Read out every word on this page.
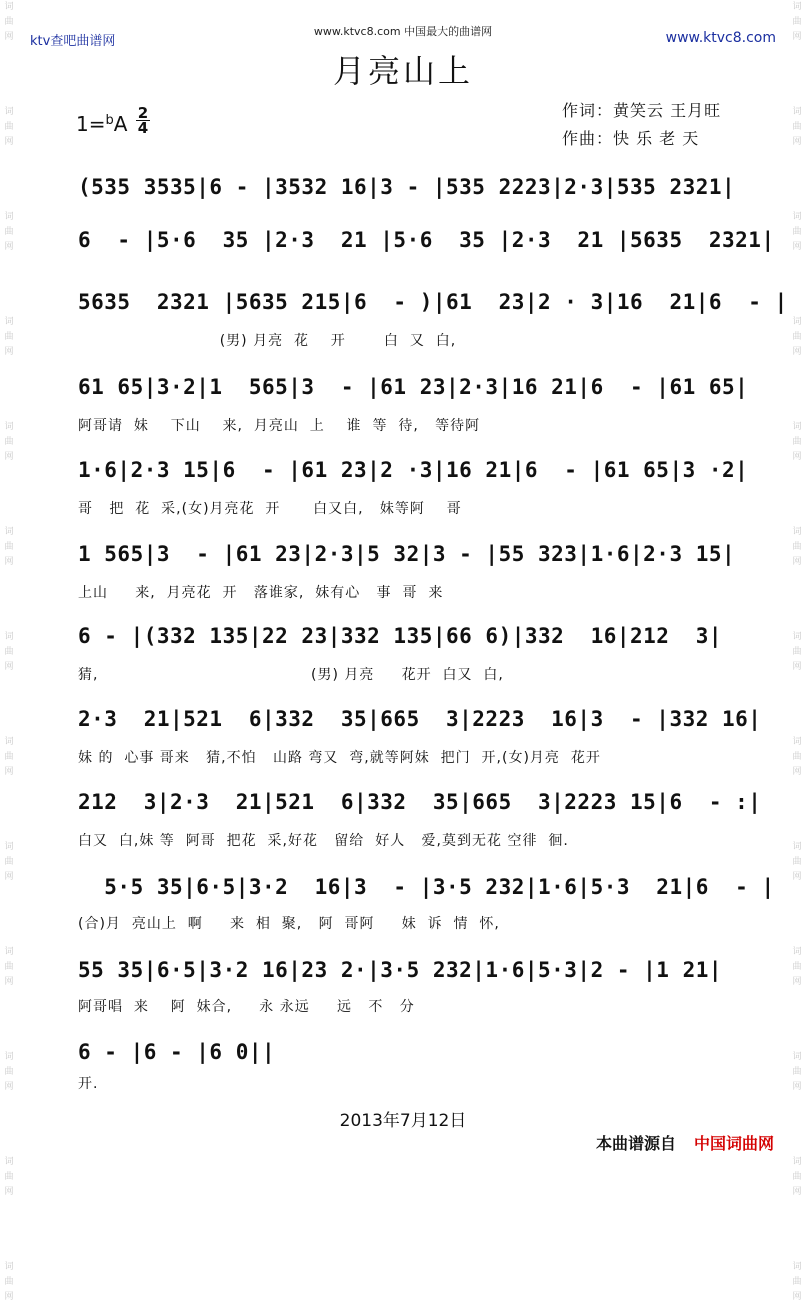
词
曲
网

词
曲
网

词
曲
网

词
曲
网

词
曲
网

词
曲
网

词
曲
网

词
曲
网

词
曲
网

词
曲
网

词
曲
网

词
曲
网

词
曲
网
词
曲
网

词
曲
网

词
曲
网

词
曲
网

词
曲
网

词
曲
网

词
曲
网

词
曲
网

词
曲
网

词
曲
网

词
曲
网

词
曲
网

词
曲
网
ktv查吧曲谱网
www.ktvc8.com 中国最大的曲谱网	www.ktvc8.com
月亮山上
$1=^bA \frac{2}{4}$	作词：黄笑云 王月旺
作曲：快 乐 老 天
(535 3535|6 - |3532 16|3 - |535 2223|2·3|535 2321|
6  - |5·6  35 |2·3  21 |5·6  35 |2·3  21 |5635  2321|
5635  2321 |5635 215|6  - )|61  23|2 · 3|16  21|6  - |
(男) 月亮  花    开       白  又  白,
61 65|3·2|1  565|3  - |61 23|2·3|16 21|6  - |61 65|
阿哥请  妹    下山    来,  月亮山  上    谁  等  待,   等待阿
1·6|2·3 15|6  - |61 23|2 ·3|16 21|6  - |61 65|3 ·2|
哥   把  花  采,(女)月亮花  开      白又白,   妹等阿    哥
1 565|3  - |61 23|2·3|5 32|3 - |55 323|1·6|2·3 15|
上山     来,  月亮花  开   落谁家,  妹有心   事  哥  来
6 - |(332 135|22 23|332 135|66 6)|332  16|212  3|
猜,                                       (男) 月亮     花开  白又  白,
2·3  21|521  6|332  35|665  3|2223  16|3  - |332 16|
妹 的  心事 哥来   猜,不怕   山路 弯又  弯,就等阿妹  把门  开,(女)月亮  花开
212  3|2·3  21|521  6|332  35|665  3|2223 15|6  - :|
白又  白,妹 等  阿哥  把花  采,好花   留给  好人   爱,莫到无花 空徘  徊.
5·5 35|6·5|3·2  16|3  - |3·5 232|1·6|5·3  21|6  - |
(合)月  亮山上  啊     来  相  聚,   阿  哥阿     妹  诉  情  怀,
55 35|6·5|3·2 16|23 2·|3·5 232|1·6|5·3|2 - |1 21|
阿哥唱  来    阿  妹合,     永 永远     远   不   分
6 - |6 - |6 0||
开.
2013年7月12日
本曲谱源自 中国词曲网
